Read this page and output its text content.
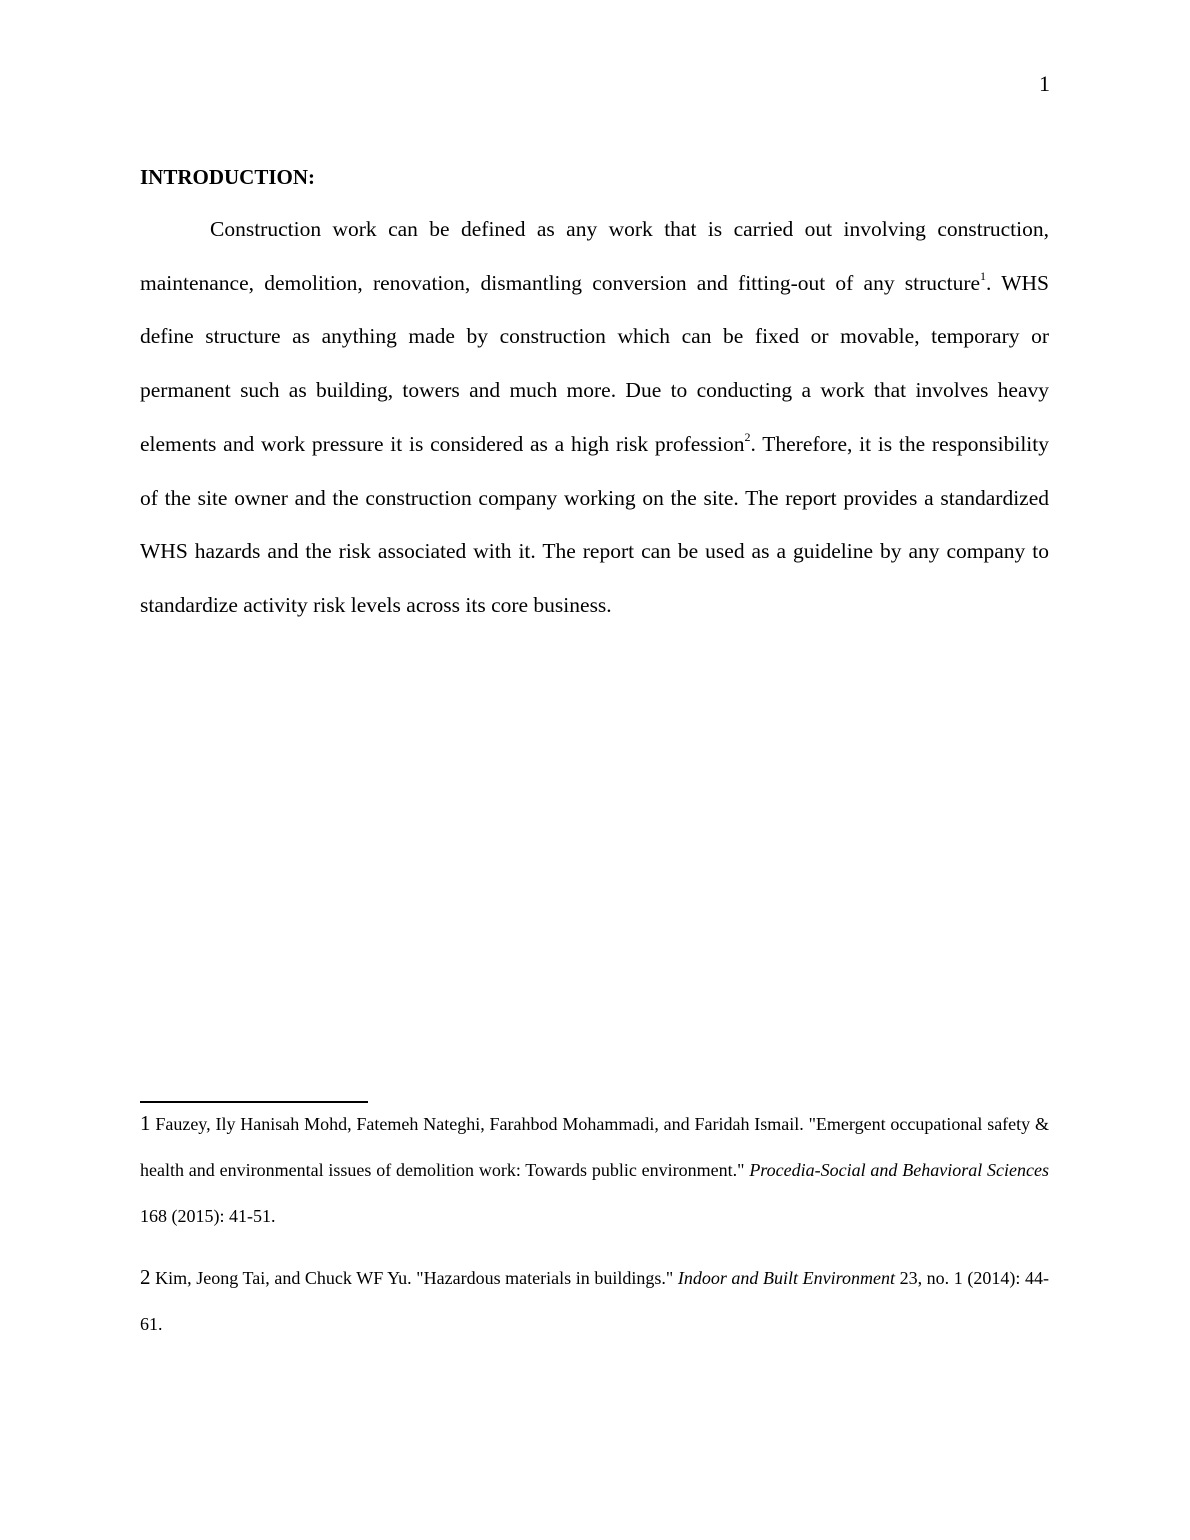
1
INTRODUCTION:

Construction work can be defined as any work that is carried out involving construction, maintenance, demolition, renovation, dismantling conversion and fitting-out of any structure$^1$. WHS define structure as anything made by construction which can be fixed or movable, temporary or permanent such as building, towers and much more. Due to conducting a work that involves heavy elements and work pressure it is considered as a high risk profession$^2$. Therefore, it is the responsibility of the site owner and the construction company working on the site. The report provides a standardized WHS hazards and the risk associated with it. The report can be used as a guideline by any company to standardize activity risk levels across its core business.

1 Fauzey, Ily Hanisah Mohd, Fatemeh Nateghi, Farahbod Mohammadi, and Faridah Ismail. "Emergent occupational safety & health and environmental issues of demolition work: Towards public environment." Procedia-Social and Behavioral Sciences 168 (2015): 41-51.

2 Kim, Jeong Tai, and Chuck WF Yu. "Hazardous materials in buildings." Indoor and Built Environment 23, no. 1 (2014): 44-61.
